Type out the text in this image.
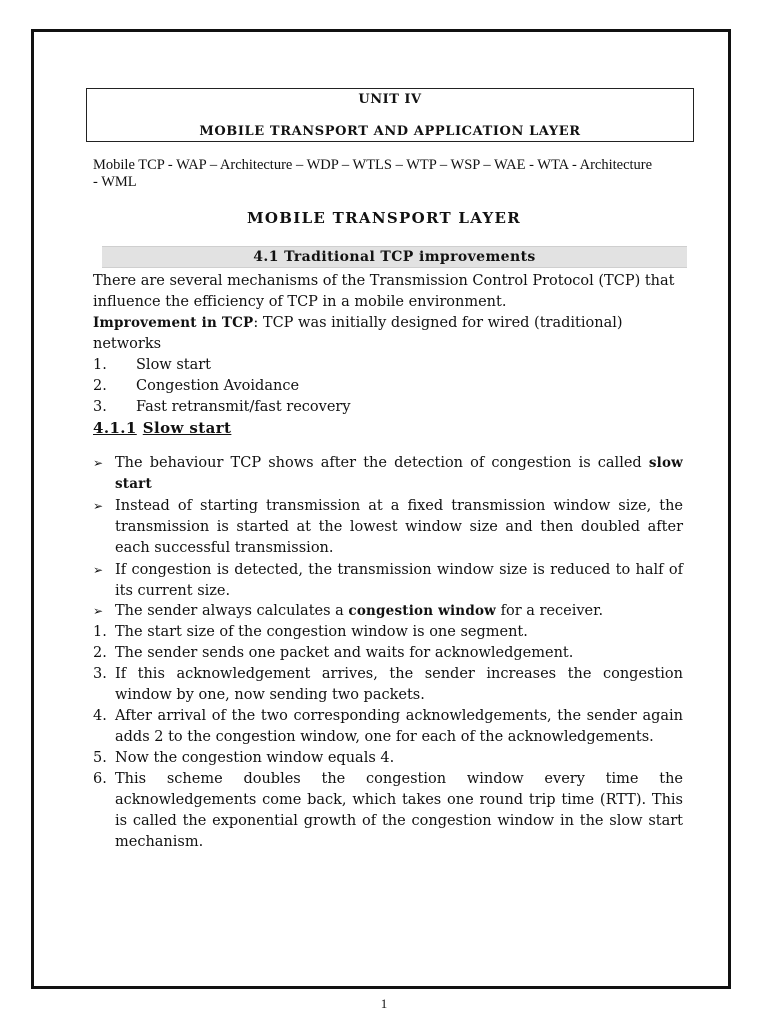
UNIT IV
MOBILE TRANSPORT AND APPLICATION LAYER
Mobile TCP - WAP – Architecture – WDP – WTLS – WTP – WSP – WAE - WTA - Architecture - WML
MOBILE TRANSPORT LAYER
4.1 Traditional TCP improvements
There are several mechanisms of the Transmission Control Protocol (TCP) that influence the efficiency of TCP in a mobile environment.
Improvement in TCP: TCP was initially designed for wired (traditional) networks
1. Slow start
2. Congestion Avoidance
3. Fast retransmit/fast recovery
4.1.1 Slow start
➢ The behaviour TCP shows after the detection of congestion is called slow start
➢ Instead of starting transmission at a fixed transmission window size, the transmission is started at the lowest window size and then doubled after each successful transmission.
➢ If congestion is detected, the transmission window size is reduced to half of its current size.
➢ The sender always calculates a congestion window for a receiver.
1. The start size of the congestion window is one segment.
2. The sender sends one packet and waits for acknowledgement.
3. If this acknowledgement arrives, the sender increases the congestion window by one, now sending two packets.
4. After arrival of the two corresponding acknowledgements, the sender again adds 2 to the congestion window, one for each of the acknowledgements.
5. Now the congestion window equals 4.
6. This scheme doubles the congestion window every time the acknowledgements come back, which takes one round trip time (RTT). This is called the exponential growth of the congestion window in the slow start mechanism.
1
